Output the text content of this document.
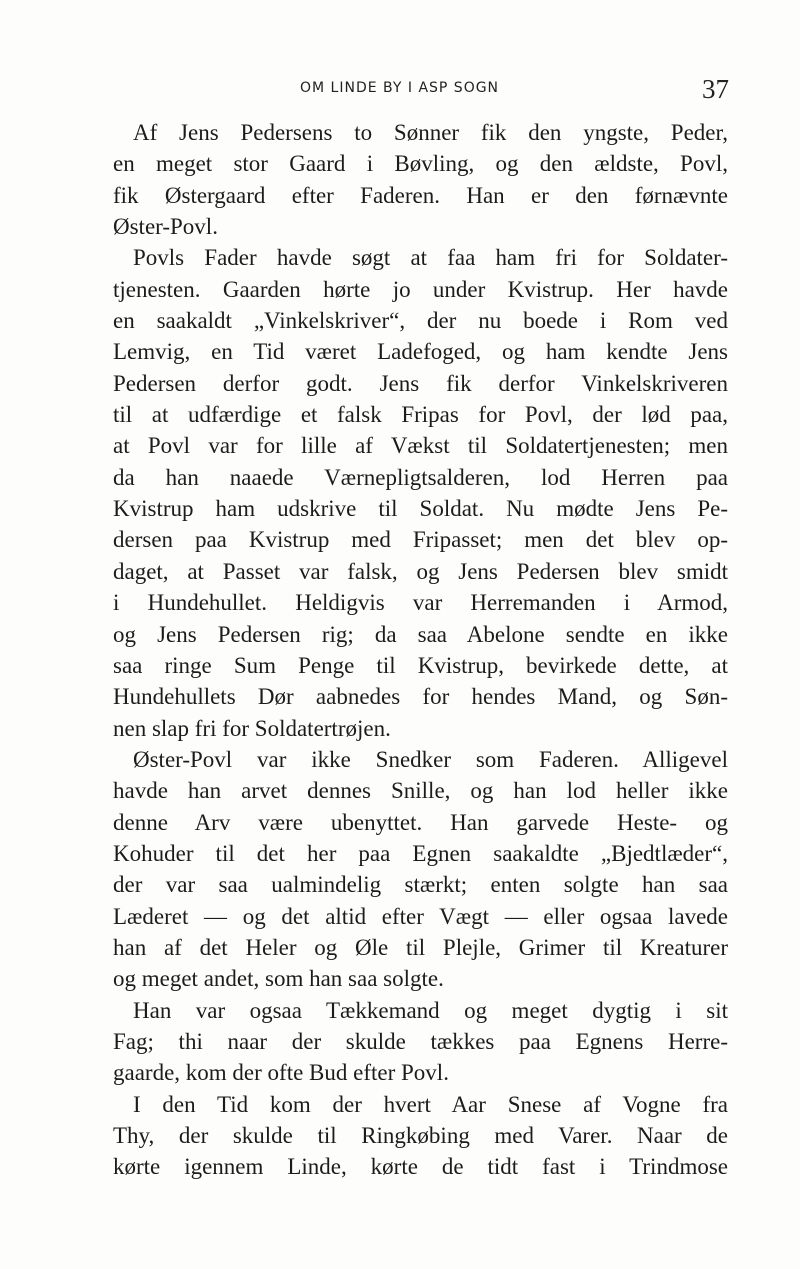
OM LINDE BY I ASP SOGN	37
Af Jens Pedersens to Sønner fik den yngste, Peder,
en meget stor Gaard i Bøvling, og den ældste, Povl,
fik Østergaard efter Faderen. Han er den førnævnte
Øster-Povl.
Povls Fader havde søgt at faa ham fri for Soldater-
tjenesten. Gaarden hørte jo under Kvistrup. Her havde
en saakaldt „Vinkelskriver“, der nu boede i Rom ved
Lemvig, en Tid været Ladefoged, og ham kendte Jens
Pedersen derfor godt. Jens fik derfor Vinkelskriveren
til at udfærdige et falsk Fripas for Povl, der lød paa,
at Povl var for lille af Vækst til Soldatertjenesten; men
da han naaede Værnepligtsalderen, lod Herren paa
Kvistrup ham udskrive til Soldat. Nu mødte Jens Pe-
dersen paa Kvistrup med Fripasset; men det blev op-
daget, at Passet var falsk, og Jens Pedersen blev smidt
i Hundehullet. Heldigvis var Herremanden i Armod,
og Jens Pedersen rig; da saa Abelone sendte en ikke
saa ringe Sum Penge til Kvistrup, bevirkede dette, at
Hundehullets Dør aabnedes for hendes Mand, og Søn-
nen slap fri for Soldatertrøjen.
Øster-Povl var ikke Snedker som Faderen. Alligevel
havde han arvet dennes Snille, og han lod heller ikke
denne Arv være ubenyttet. Han garvede Heste- og
Kohuder til det her paa Egnen saakaldte „Bjedtlæder“,
der var saa ualmindelig stærkt; enten solgte han saa
Læderet — og det altid efter Vægt — eller ogsaa lavede
han af det Heler og Øle til Plejle, Grimer til Kreaturer
og meget andet, som han saa solgte.
Han var ogsaa Tækkemand og meget dygtig i sit
Fag; thi naar der skulde tækkes paa Egnens Herre-
gaarde, kom der ofte Bud efter Povl.
I den Tid kom der hvert Aar Snese af Vogne fra
Thy, der skulde til Ringkøbing med Varer. Naar de
kørte igennem Linde, kørte de tidt fast i Trindmose
